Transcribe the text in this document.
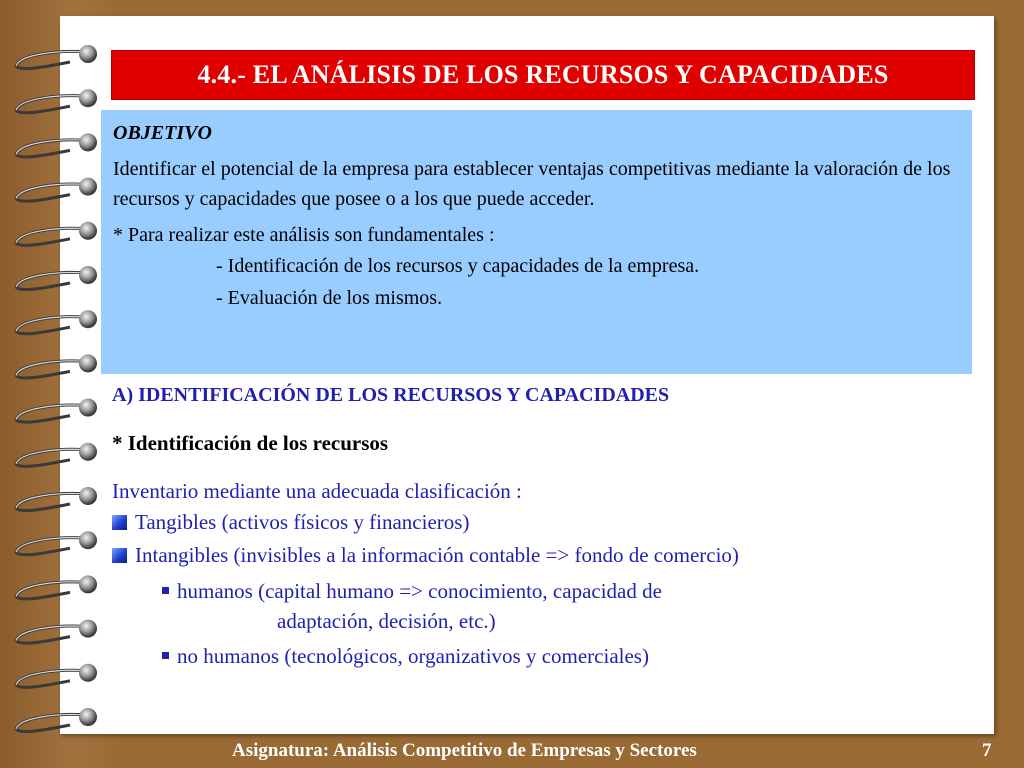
4.4.- EL ANÁLISIS DE LOS RECURSOS Y CAPACIDADES
OBJETIVO
Identificar el potencial de la empresa para establecer ventajas competitivas mediante la valoración de los recursos y capacidades que posee o a los que puede acceder.
* Para realizar este análisis son fundamentales :
- Identificación de los recursos y capacidades de la empresa.
- Evaluación de los mismos.
A) IDENTIFICACIÓN DE LOS RECURSOS Y CAPACIDADES
* Identificación de los recursos
Inventario mediante una adecuada clasificación :
Tangibles (activos físicos y financieros)
Intangibles (invisibles a la información contable => fondo de comercio)
humanos (capital humano => conocimiento, capacidad de
adaptación, decisión, etc.)
no humanos (tecnológicos, organizativos y comerciales)
Asignatura: Análisis Competitivo de Empresas y Sectores	7
